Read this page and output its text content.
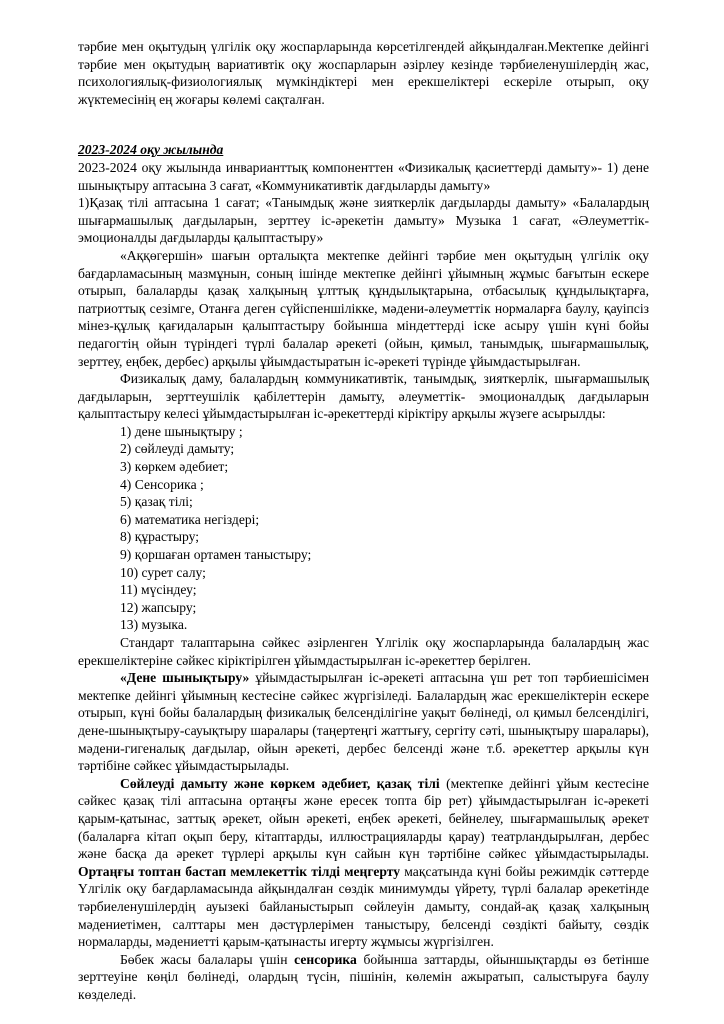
тәрбие мен оқытудың үлгілік оқу жоспарларында көрсетілгендей айқындалған.Мектепке дейінгі тәрбие мен оқытудың вариативтік оқу жоспарларын әзірлеу кезінде тәрбиеленушілердің жас, психологиялық-физиологиялық мүмкіндіктері мен ерекшеліктері ескеріле отырып, оқу жүктемесінің ең жоғары көлемі сақталған.

2023-2024 оқу жылында

2023-2024 оқу жылында инварианттық компоненттен «Физикалық қасиеттерді дамыту»- 1) дене шынықтыру аптасына 3 сағат, «Коммуникативтік дағдыларды дамыту»

1)Қазақ тілі аптасына 1 сағат; «Танымдық және зияткерлік дағдыларды дамыту» «Балалардың шығармашылық дағдыларын, зерттеу іс-әрекетін дамыту» Музыка 1 сағат, «Әлеуметтік-эмоционалды дағдыларды қалыптастыру»

«Аққөгершін» шағын орталықта мектепке дейінгі тәрбие мен оқытудың үлгілік оқу бағдарламасының мазмұнын, соның ішінде мектепке дейінгі ұйымның жұмыс бағытын ескере отырып, балаларды қазақ халқының ұлттық құндылықтарына, отбасылық құндылықтарға, патриоттық сезімге, Отанға деген сүйіспеншілікке, мәдени-әлеуметтік нормаларға баулу, қауіпсіз мінез-құлық қағидаларын қалыптастыру бойынша міндеттерді іске асыру үшін күні бойы педагогтің ойын түріндегі түрлі балалар әрекеті (ойын, қимыл, танымдық, шығармашылық, зерттеу, еңбек, дербес) арқылы ұйымдастыратын іс-әрекеті түрінде ұйымдастырылған.

Физикалық даму, балалардың коммуникативтік, танымдық, зияткерлік, шығармашылық дағдыларын, зерттеушілік қабілеттерін дамыту, әлеуметтік- эмоционалдық дағдыларын қалыптастыру келесі ұйымдастырылған іс-әрекеттерді кіріктіру арқылы жүзеге асырылды:

1) дене шынықтыру ;
2) сөйлеуді дамыту;
3) көркем әдебиет;
4) Сенсорика ;
5) қазақ тілі;
6) математика негіздері;
8) құрастыру;
9) қоршаған ортамен таныстыру;
10) сурет салу;
11) мүсіндеу;
12) жапсыру;
13) музыка.

Стандарт талаптарына сәйкес әзірленген Үлгілік оқу жоспарларында балалардың жас ерекшеліктеріне сәйкес кіріктірілген ұйымдастырылған іс-әрекеттер берілген.

«Дене шынықтыру» ұйымдастырылған іс-әрекеті аптасына үш рет топ тәрбиешісімен мектепке дейінгі ұйымның кестесіне сәйкес жүргізіледі. Балалардың жас ерекшеліктерін ескере отырып, күні бойы балалардың физикалық белсенділігіне уақыт бөлінеді, ол қимыл белсенділігі, дене-шынықтыру-сауықтыру шаралары (таңертеңгі жаттығу, сергіту сәті, шынықтыру шаралары), мәдени-гигеналық дағдылар, ойын әрекеті, дербес белсенді және т.б. әрекеттер арқылы күн тәртібіне сәйкес ұйымдастырылады.

Сөйлеуді дамыту және көркем әдебиет, қазақ тілі (мектепке дейінгі ұйым кестесіне сәйкес қазақ тілі аптасына ортаңғы және ересек топта бір рет) ұйымдастырылған іс-әрекеті қарым-қатынас, заттық әрекет, ойын әрекеті, еңбек әрекеті, бейнелеу, шығармашылық әрекет (балаларға кітап оқып беру, кітаптарды, иллюстрацияларды қарау) театрландырылған, дербес және басқа да әрекет түрлері арқылы күн сайын күн тәртібіне сәйкес ұйымдастырылады. Ортаңғы топтан бастап мемлекеттік тілді меңгерту мақсатында күні бойы режимдік сәттерде Үлгілік оқу бағдарламасында айқындалған сөздік минимумды үйрету, түрлі балалар әрекетінде тәрбиеленушілердің ауызекі байланыстырып сөйлеуін дамыту, сондай-ақ қазақ халқының мәдениетімен, салттары мен дәстүрлерімен таныстыру, белсенді сөздікті байыту, сөздік нормаларды, мәдениетті қарым-қатынасты игерту жұмысы жүргізілген.

Бөбек жасы балалары үшін сенсорика бойынша заттарды, ойыншықтарды өз бетінше зерттеуіне көңіл бөлінеді, олардың түсін, пішінін, көлемін ажыратып, салыстыруға баулу көзделеді.
